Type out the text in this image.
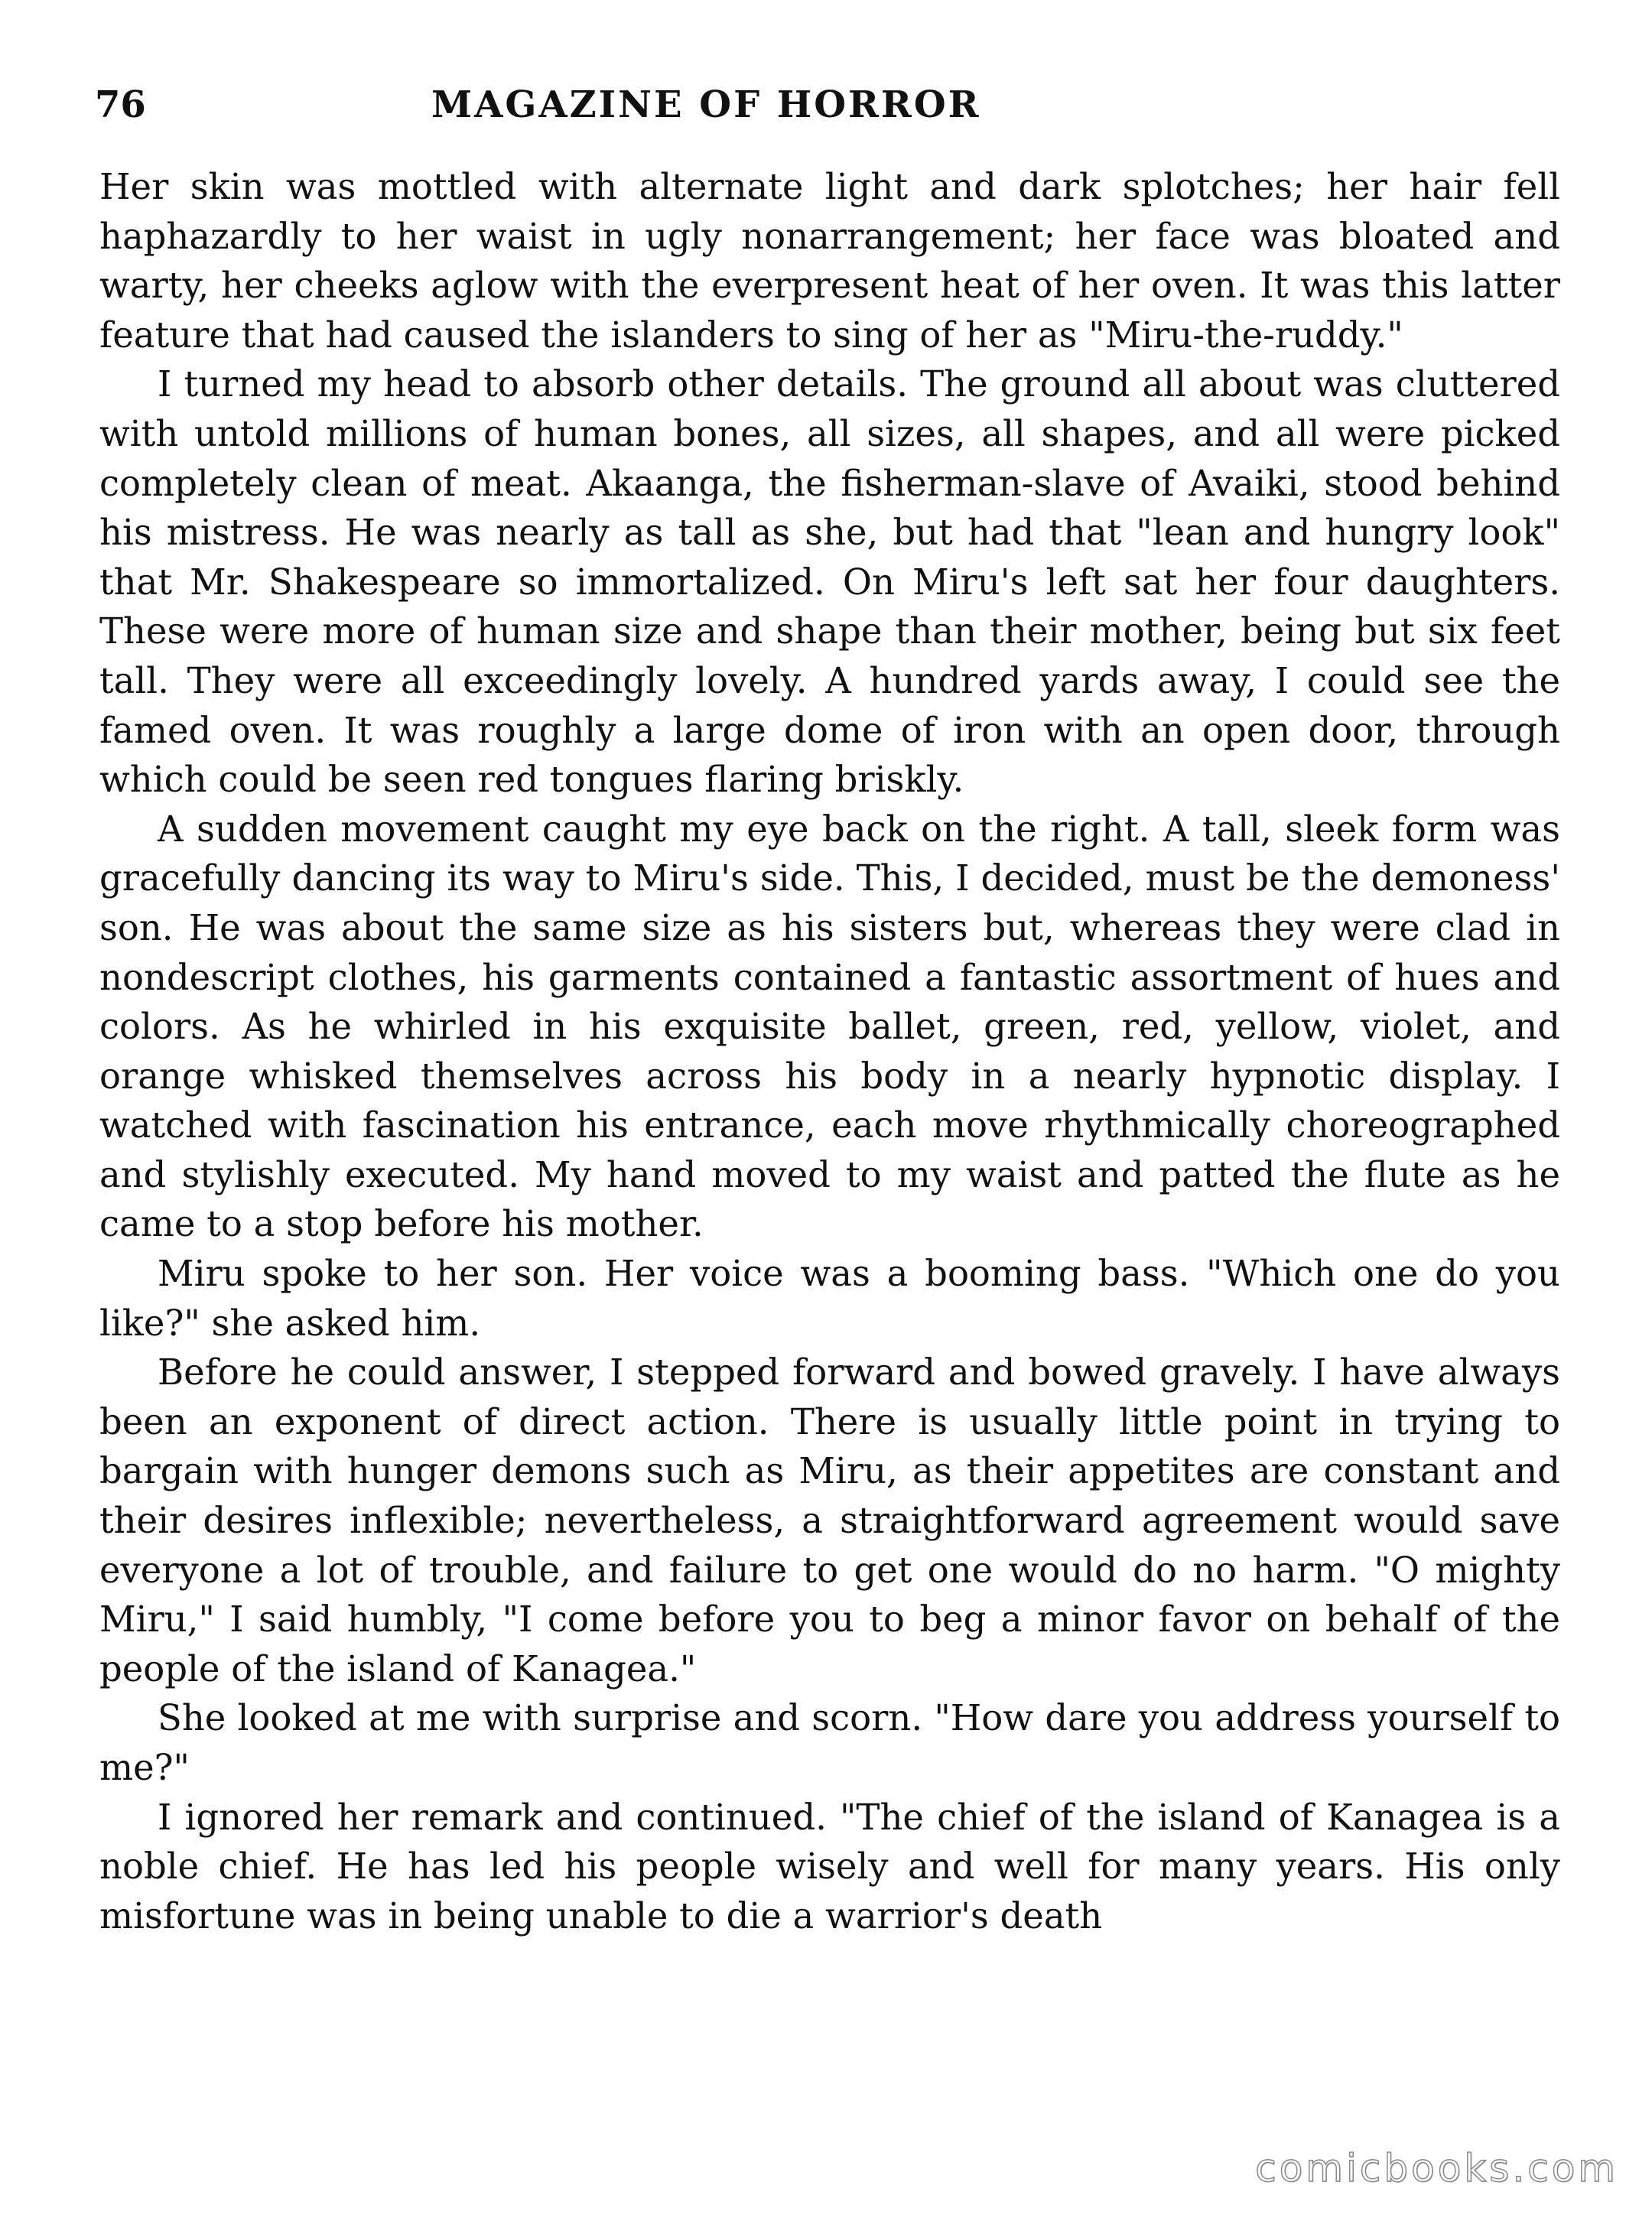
76	MAGAZINE OF HORROR

Her skin was mottled with alternate light and dark splotches; her hair fell haphazardly to her waist in ugly nonarrangement; her face was bloated and warty, her cheeks aglow with the everpresent heat of her oven. It was this latter feature that had caused the islanders to sing of her as "Miru-the-ruddy."

I turned my head to absorb other details. The ground all about was cluttered with untold millions of human bones, all sizes, all shapes, and all were picked completely clean of meat. Akaanga, the fisherman-slave of Avaiki, stood behind his mistress. He was nearly as tall as she, but had that "lean and hungry look" that Mr. Shakespeare so immortalized. On Miru's left sat her four daughters. These were more of human size and shape than their mother, being but six feet tall. They were all exceedingly lovely. A hundred yards away, I could see the famed oven. It was roughly a large dome of iron with an open door, through which could be seen red tongues flaring briskly.

A sudden movement caught my eye back on the right. A tall, sleek form was gracefully dancing its way to Miru's side. This, I decided, must be the demoness' son. He was about the same size as his sisters but, whereas they were clad in nondescript clothes, his garments contained a fantastic assortment of hues and colors. As he whirled in his exquisite ballet, green, red, yellow, violet, and orange whisked themselves across his body in a nearly hypnotic display. I watched with fascination his entrance, each move rhythmically choreographed and stylishly executed. My hand moved to my waist and patted the flute as he came to a stop before his mother.

Miru spoke to her son. Her voice was a booming bass. "Which one do you like?" she asked him.

Before he could answer, I stepped forward and bowed gravely. I have always been an exponent of direct action. There is usually little point in trying to bargain with hunger demons such as Miru, as their appetites are constant and their desires inflexible; nevertheless, a straightforward agreement would save everyone a lot of trouble, and failure to get one would do no harm. "O mighty Miru," I said humbly, "I come before you to beg a minor favor on behalf of the people of the island of Kanagea."

She looked at me with surprise and scorn. "How dare you address yourself to me?"

I ignored her remark and continued. "The chief of the island of Kanagea is a noble chief. He has led his people wisely and well for many years. His only misfortune was in being unable to die a warrior's death

comicbooks.com
